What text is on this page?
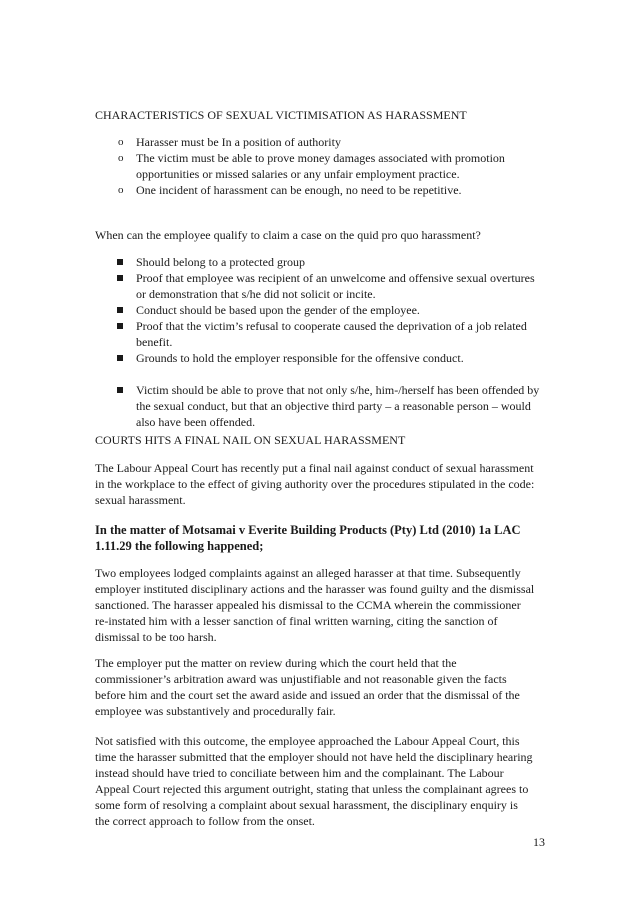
CHARACTERISTICS OF SEXUAL VICTIMISATION AS HARASSMENT
o	Harasser must be In a position of authority
o	The victim must be able to prove money damages associated with promotion opportunities or missed salaries or any unfair employment practice.
o	One incident of harassment can be enough, no need to be repetitive.

When can the employee qualify to claim a case on the quid pro quo harassment?

Should belong to a protected group
Proof that employee was recipient of an unwelcome and offensive sexual overtures or demonstration that s/he did not solicit or incite.
Conduct should be based upon the gender of the employee.
Proof that the victim’s refusal to cooperate caused the deprivation of a job related benefit.
Grounds to hold the employer responsible for the offensive conduct.
Victim should be able to prove that not only s/he, him-/herself has been offended by the sexual conduct, but that an objective third party – a reasonable person – would also have been offended.

COURTS HITS A FINAL NAIL ON SEXUAL HARASSMENT

The Labour Appeal Court has recently put a final nail against conduct of sexual harassment in the workplace to the effect of giving authority over the procedures stipulated in the code: sexual harassment.

In the matter of Motsamai v Everite Building Products (Pty) Ltd (2010) 1a LAC 1.11.29 the following happened;

Two employees lodged complaints against an alleged harasser at that time. Subsequently employer instituted disciplinary actions and the harasser was found guilty and the dismissal sanctioned. The harasser appealed his dismissal to the CCMA wherein the commissioner re-instated him with a lesser sanction of final written warning, citing the sanction of dismissal to be too harsh.

The employer put the matter on review during which the court held that the commissioner’s arbitration award was unjustifiable and not reasonable given the facts before him and the court set the award aside and issued an order that the dismissal of the employee was substantively and procedurally fair.

Not satisfied with this outcome, the employee approached the Labour Appeal Court, this time the harasser submitted that the employer should not have held the disciplinary hearing instead should have tried to conciliate between him and the complainant. The Labour Appeal Court rejected this argument outright, stating that unless the complainant agrees to some form of resolving a complaint about sexual harassment, the disciplinary enquiry is the correct approach to follow from the onset.

13
